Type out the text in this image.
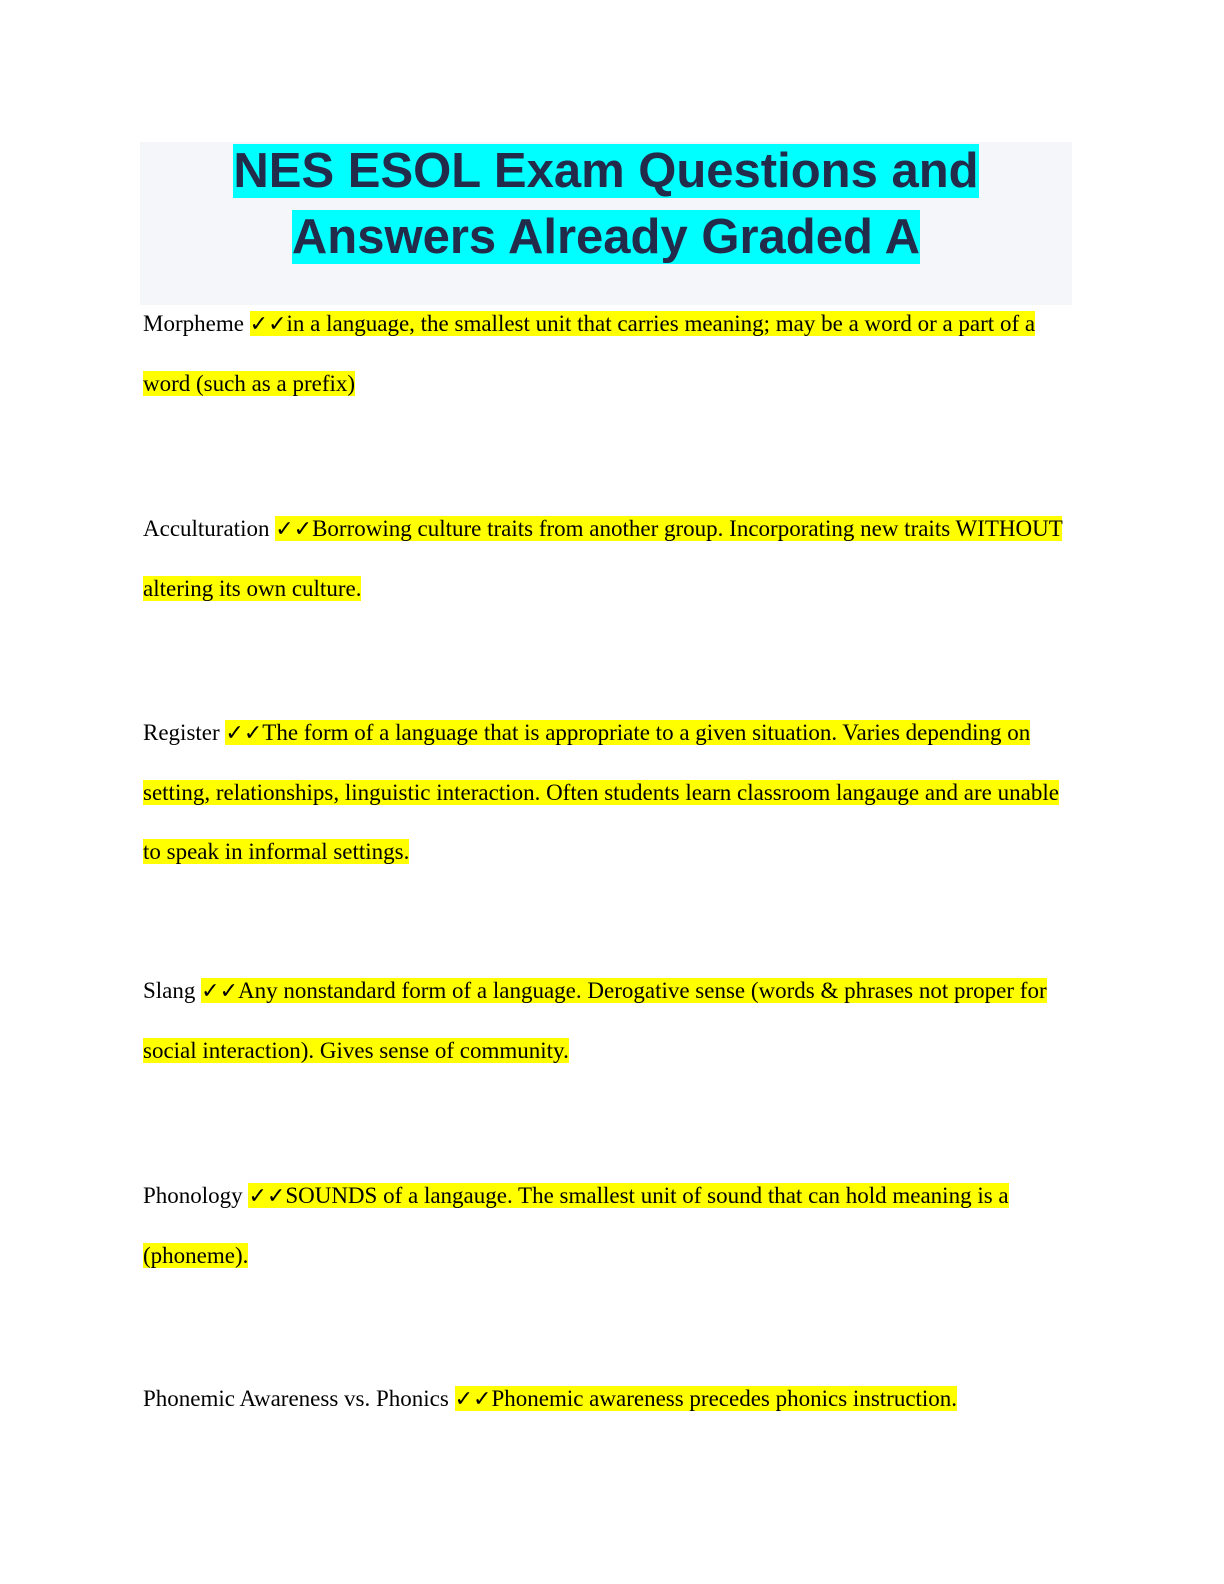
NES ESOL Exam Questions and Answers Already Graded A
Morpheme ✓✓in a language, the smallest unit that carries meaning; may be a word or a part of a word (such as a prefix)
Acculturation ✓✓Borrowing culture traits from another group. Incorporating new traits WITHOUT altering its own culture.
Register ✓✓The form of a language that is appropriate to a given situation. Varies depending on setting, relationships, linguistic interaction. Often students learn classroom langauge and are unable to speak in informal settings.
Slang ✓✓Any nonstandard form of a language. Derogative sense (words & phrases not proper for social interaction). Gives sense of community.
Phonology ✓✓SOUNDS of a langauge. The smallest unit of sound that can hold meaning is a (phoneme).
Phonemic Awareness vs. Phonics ✓✓Phonemic awareness precedes phonics instruction.
